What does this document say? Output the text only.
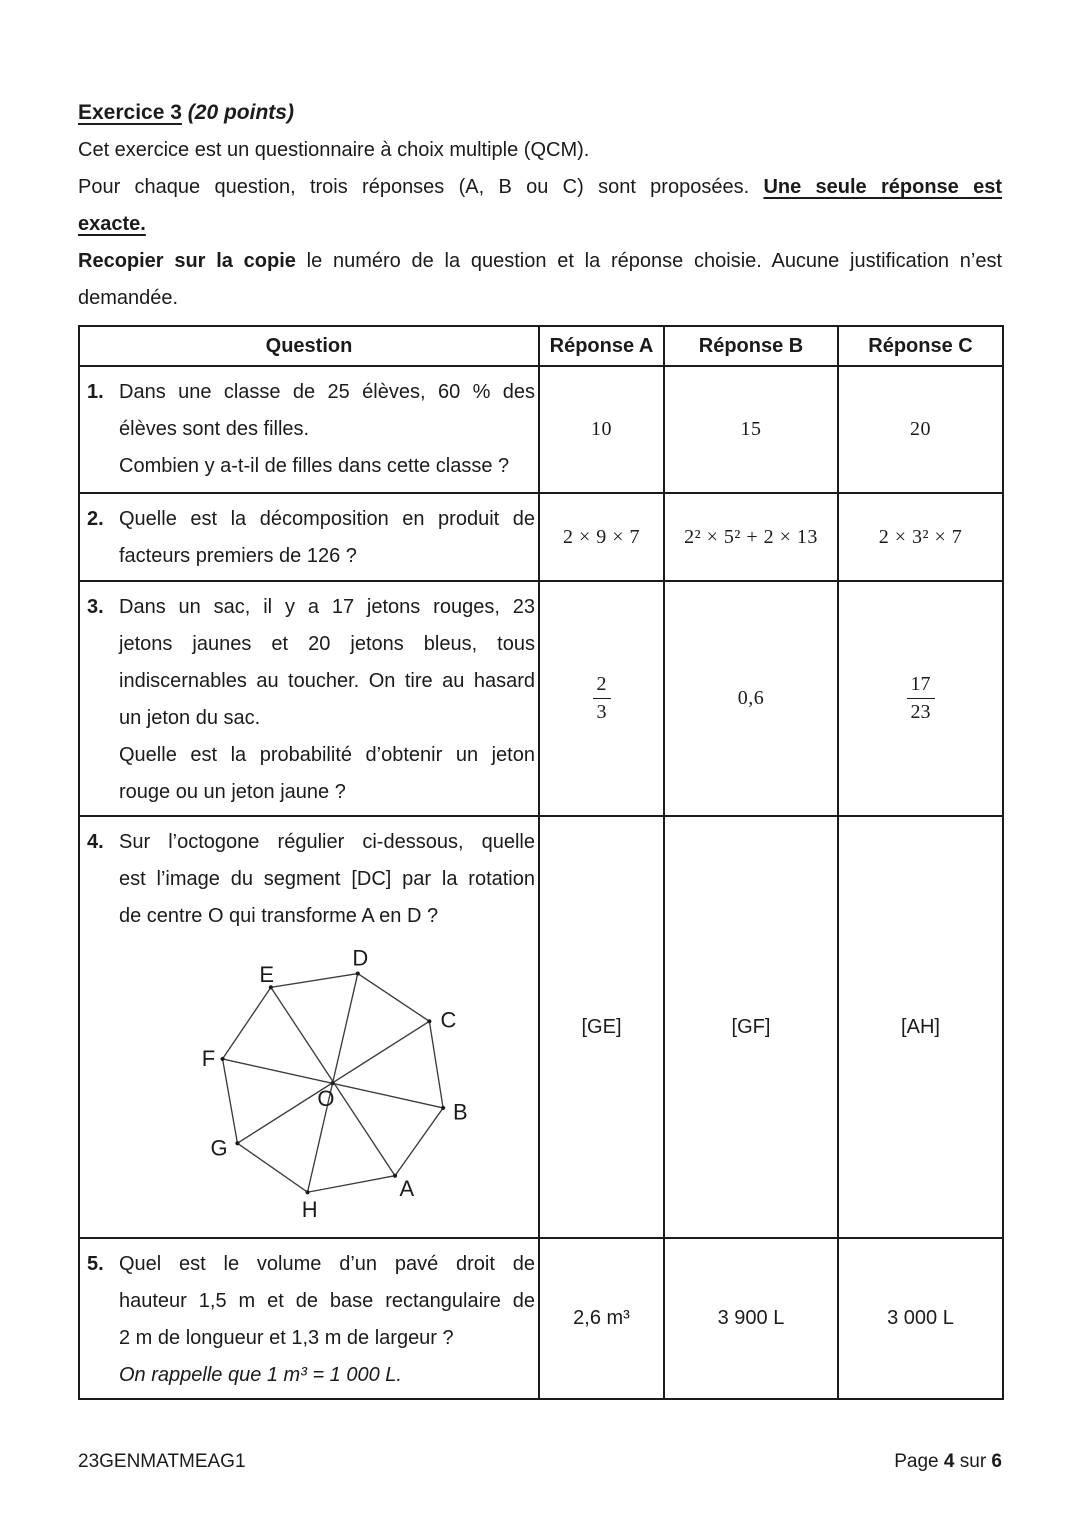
Exercice 3 (20 points)
Cet exercice est un questionnaire à choix multiple (QCM).
Pour chaque question, trois réponses (A, B ou C) sont proposées. Une seule réponse est
exacte.
Recopier sur la copie le numéro de la question et la réponse choisie. Aucune justification n’est
demandée.
Question	Réponse A	Réponse B	Réponse C

1. Dans une classe de 25 élèves, 60 % des
élèves sont des filles.
Combien y a-t-il de filles dans cette classe ?	10	15	20

2. Quelle est la décomposition en produit de
facteurs premiers de 126 ?	2 × 9 × 7	2² × 5² + 2 × 13	2 × 3² × 7

3. Dans un sac, il y a 17 jetons rouges, 23
jetons jaunes et 20 jetons bleus, tous
indiscernables au toucher. On tire au hasard
un jeton du sac.
Quelle est la probabilité d’obtenir un jeton
rouge ou un jeton jaune ?

$\frac{2}{3}$	0,6	$\frac{17}{23}$

4. Sur l’octogone régulier ci-dessous, quelle
est l’image du segment [DC] par la rotation
de centre O qui transforme A en D ?
D
E
C
F
B
G
A
H
O
	[GE]	[GF]	[AH]

5. Quel est le volume d’un pavé droit de
hauteur 1,5 m et de base rectangulaire de
2 m de longueur et 1,3 m de largeur ?
On rappelle que 1 m³ = 1 000 L.	2,6 m³	3 900 L	3 000 L
23GENMATMEAG1	Page 4 sur 6
